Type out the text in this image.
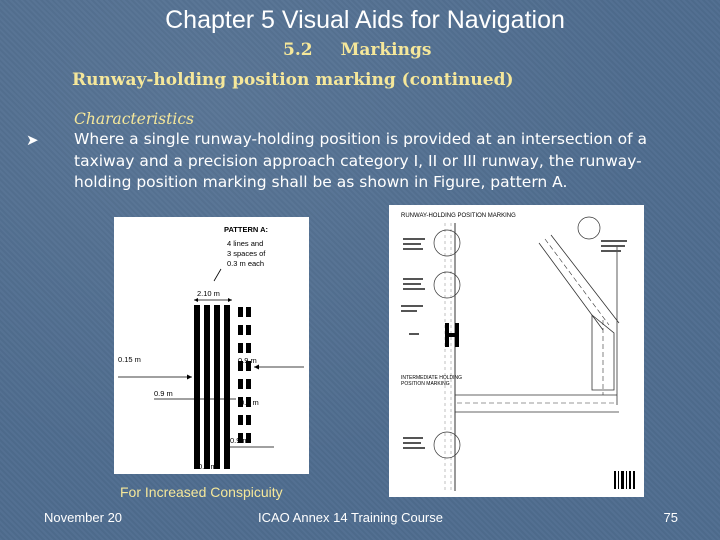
Chapter 5 Visual Aids for Navigation
5.2 Markings
Runway-holding position marking (continued)
Characteristics
➤ Where a single runway-holding position is provided at an intersection of a taxiway and a precision approach category I, II or III runway, the runway-holding position marking shall be as shown in Figure, pattern A.
PATTERN A:
4 lines and
3 spaces of
0.3 m each
2.10 m
0.15 m	0.9 m
0.9 m
0.9 m
0.9 m
0.3 m
RUNWAY-HOLDING POSITION MARKING
INTERMEDIATE HOLDING
POSITION MARKING
For Increased Conspicuity
November 20	ICAO Annex 14 Training Course	75
